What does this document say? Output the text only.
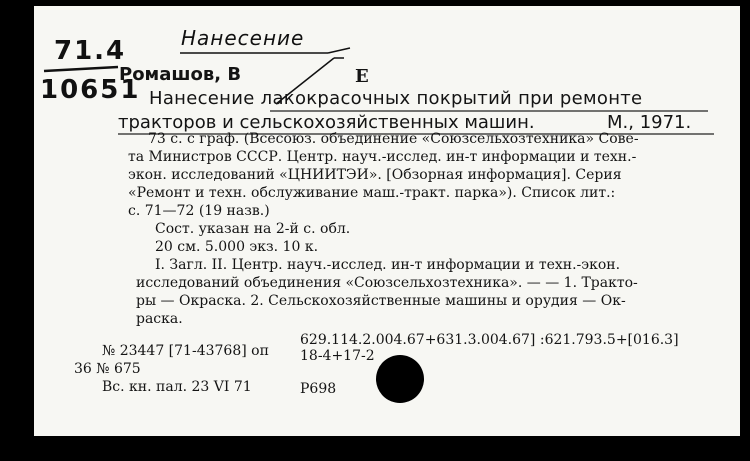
71.4
10651
Нанесение
Е
Ромашов, В
Нанесение лакокрасочных покрытий при ремонте
тракторов и сельскохозяйственных машин.	М., 1971.
73 с. с граф. (Всесоюз. объединение «Союзсельхозтехника» Сове-
та Министров СССР. Центр. науч.-исслед. ин-т информации и техн.-
экон. исследований «ЦНИИТЭИ». [Обзорная информация]. Серия
«Ремонт и техн. обслуживание маш.-тракт. парка»). Список лит.:
с. 71—72 (19 назв.)
Сост. указан на 2-й с. обл.
20 см. 5.000 экз. 10 к.
I. Загл. II. Центр. науч.-исслед. ин-т информации и техн.-экон.
исследований объединения «Союзсельхозтехника». — — 1. Тракто-
ры — Окраска. 2. Сельскохозяйственные машины и орудия — Ок-
раска.
629.114.2.004.67+631.3.004.67] :621.793.5+[016.3]
№ 23447 [71-43768] оп 18-4+17-2
36 № 675
Вс. кн. пал. 23 VI 71	Р698
